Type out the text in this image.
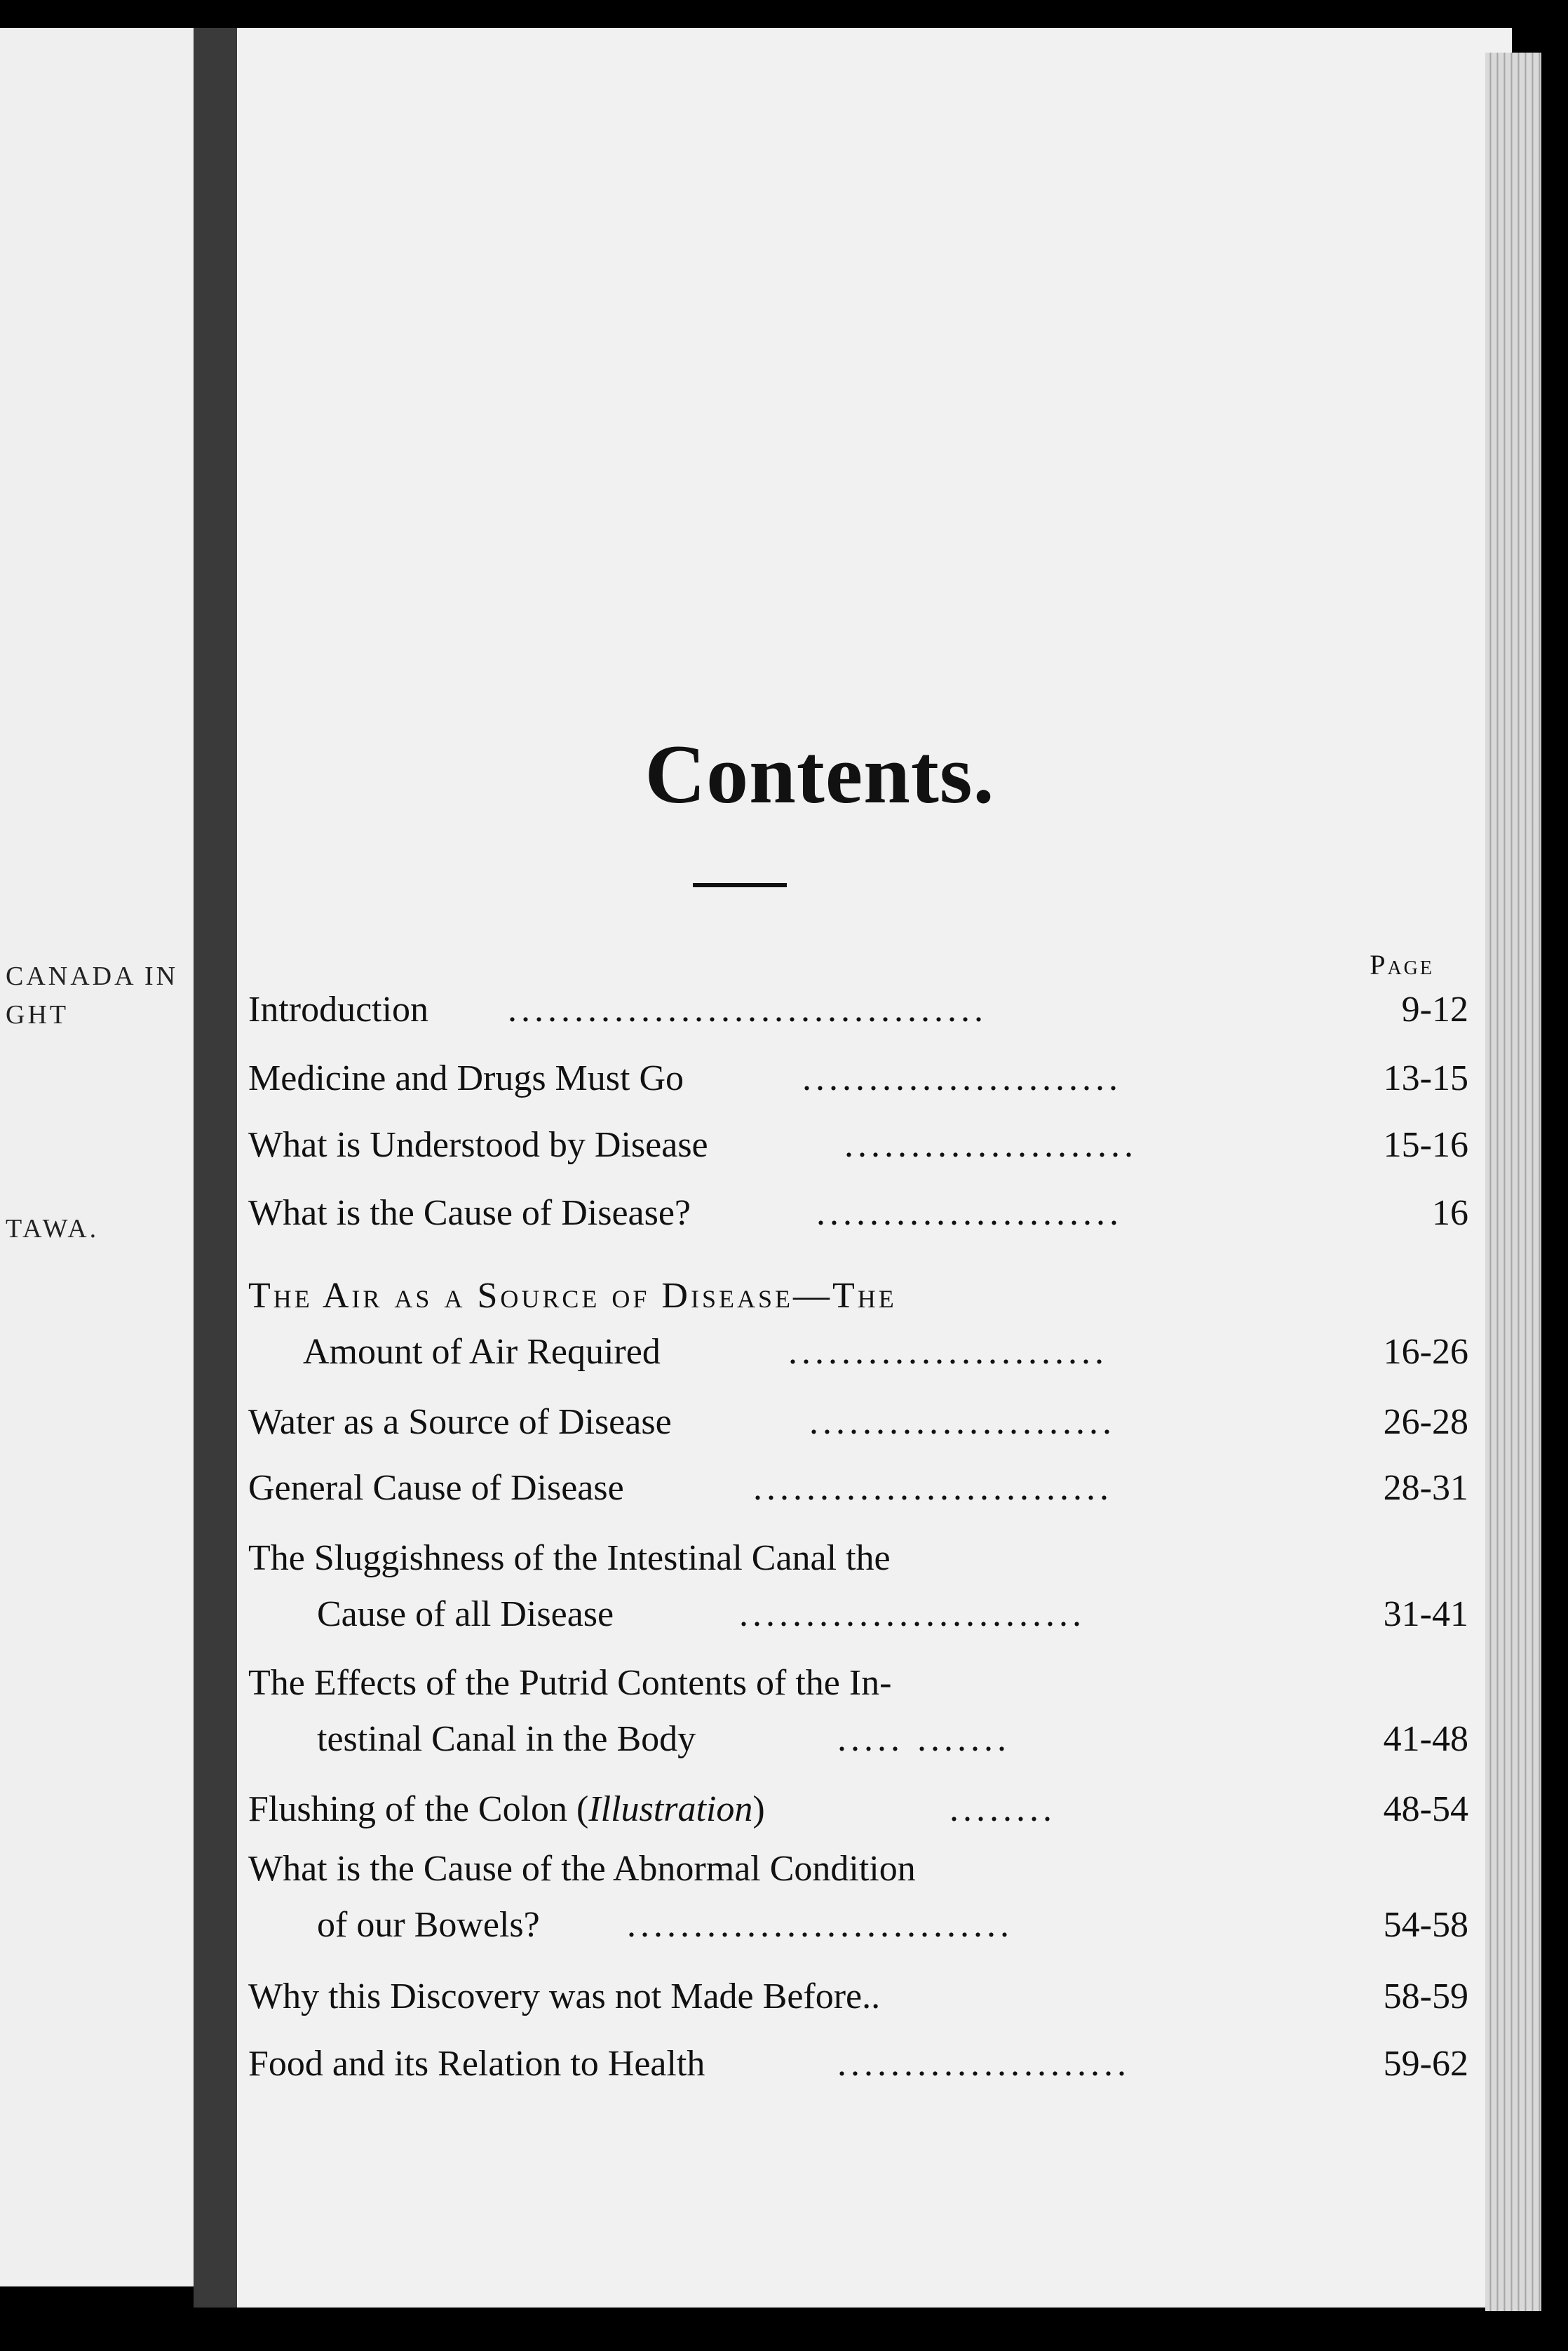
CANADA IN
GHT
TAWA.
Contents.
Page
Introduction ....................................	9-12
Medicine and Drugs Must Go	........................	13-15
What is Understood by Disease	......................	15-16
What is the Cause of Disease?	.......................	16
The Air as a Source of Disease—The
Amount of Air Required	........................	16-26
Water as a Source of Disease	.......................	26-28
General Cause of Disease	...........................	28-31
The Sluggishness of the Intestinal Canal the
Cause of all Disease	..........................	31-41
The Effects of the Putrid Contents of the In-
testinal Canal in the Body	..... .......	41-48
Flushing of the Colon (Illustration)	........	48-54
What is the Cause of the Abnormal Condition
of our Bowels? .............................	54-58
Why this Discovery was not Made Before..	58-59
Food and its Relation to Health	......................	59-62
